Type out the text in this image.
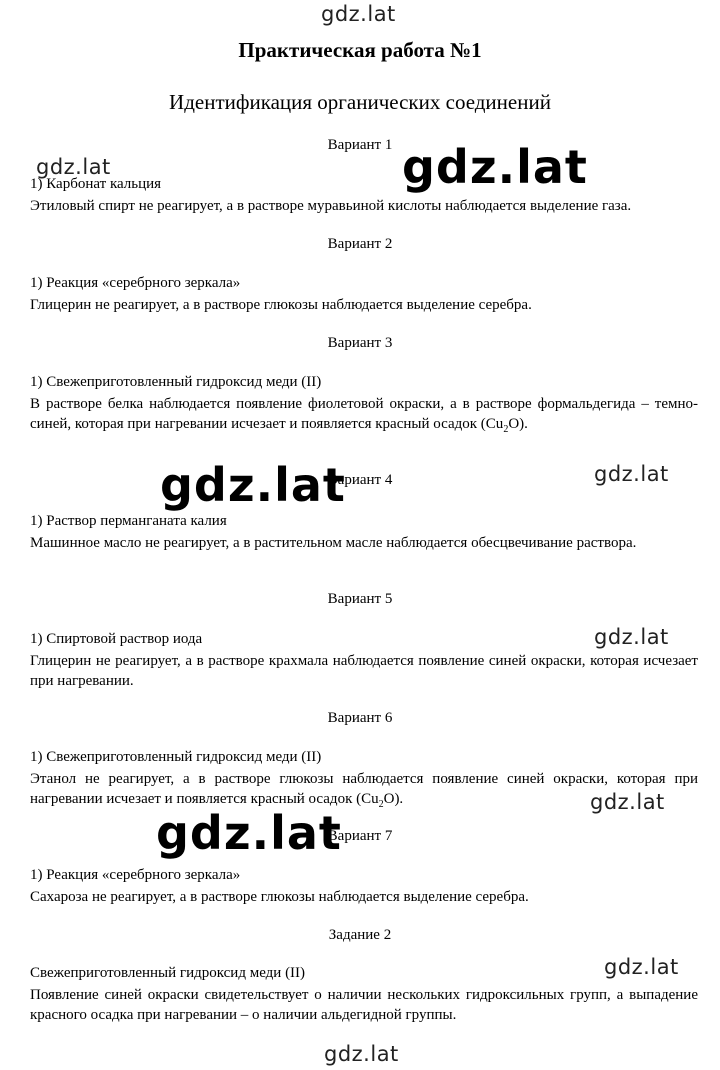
gdz.lat
gdz.lat	gdz.lat
gdz.lat	gdz.lat
gdz.lat
gdz.lat
gdz.lat
gdz.lat
gdz.lat
Практическая работа №1
Идентификация органических соединений
Вариант 1
1) Карбонат кальция
Этиловый спирт не реагирует, а в растворе муравьиной кислоты наблюдается выделение газа.
Вариант 2
1) Реакция «серебрного зеркала»
Глицерин не реагирует, а в растворе глюкозы наблюдается выделение серебра.
Вариант 3
1) Свежеприготовленный гидроксид меди (II)
В растворе белка наблюдается появление фиолетовой окраски, а в растворе формальдегида – темно-синей, которая при нагревании исчезает и появляется красный осадок $(Cu_2O)$.
Вариант 4
1) Раствор перманганата калия
Машинное масло не реагирует, а в растительном масле наблюдается обесцвечивание раствора.
Вариант 5
1) Спиртовой раствор иода
Глицерин не реагирует, а в растворе крахмала наблюдается появление синей окраски, которая исчезает при нагревании.
Вариант 6
1) Свежеприготовленный гидроксид меди (II)
Этанол не реагирует, а в растворе глюкозы наблюдается появление синей окраски, которая при нагревании исчезает и появляется красный осадок $(Cu_2O)$.
Вариант 7
1) Реакция «серебрного зеркала»
Сахароза не реагирует, а в растворе глюкозы наблюдается выделение серебра.
Задание 2
Свежеприготовленный гидроксид меди (II)
Появление синей окраски свидетельствует о наличии нескольких гидроксильных групп, а выпадение красного осадка при нагревании – о наличии альдегидной группы.
